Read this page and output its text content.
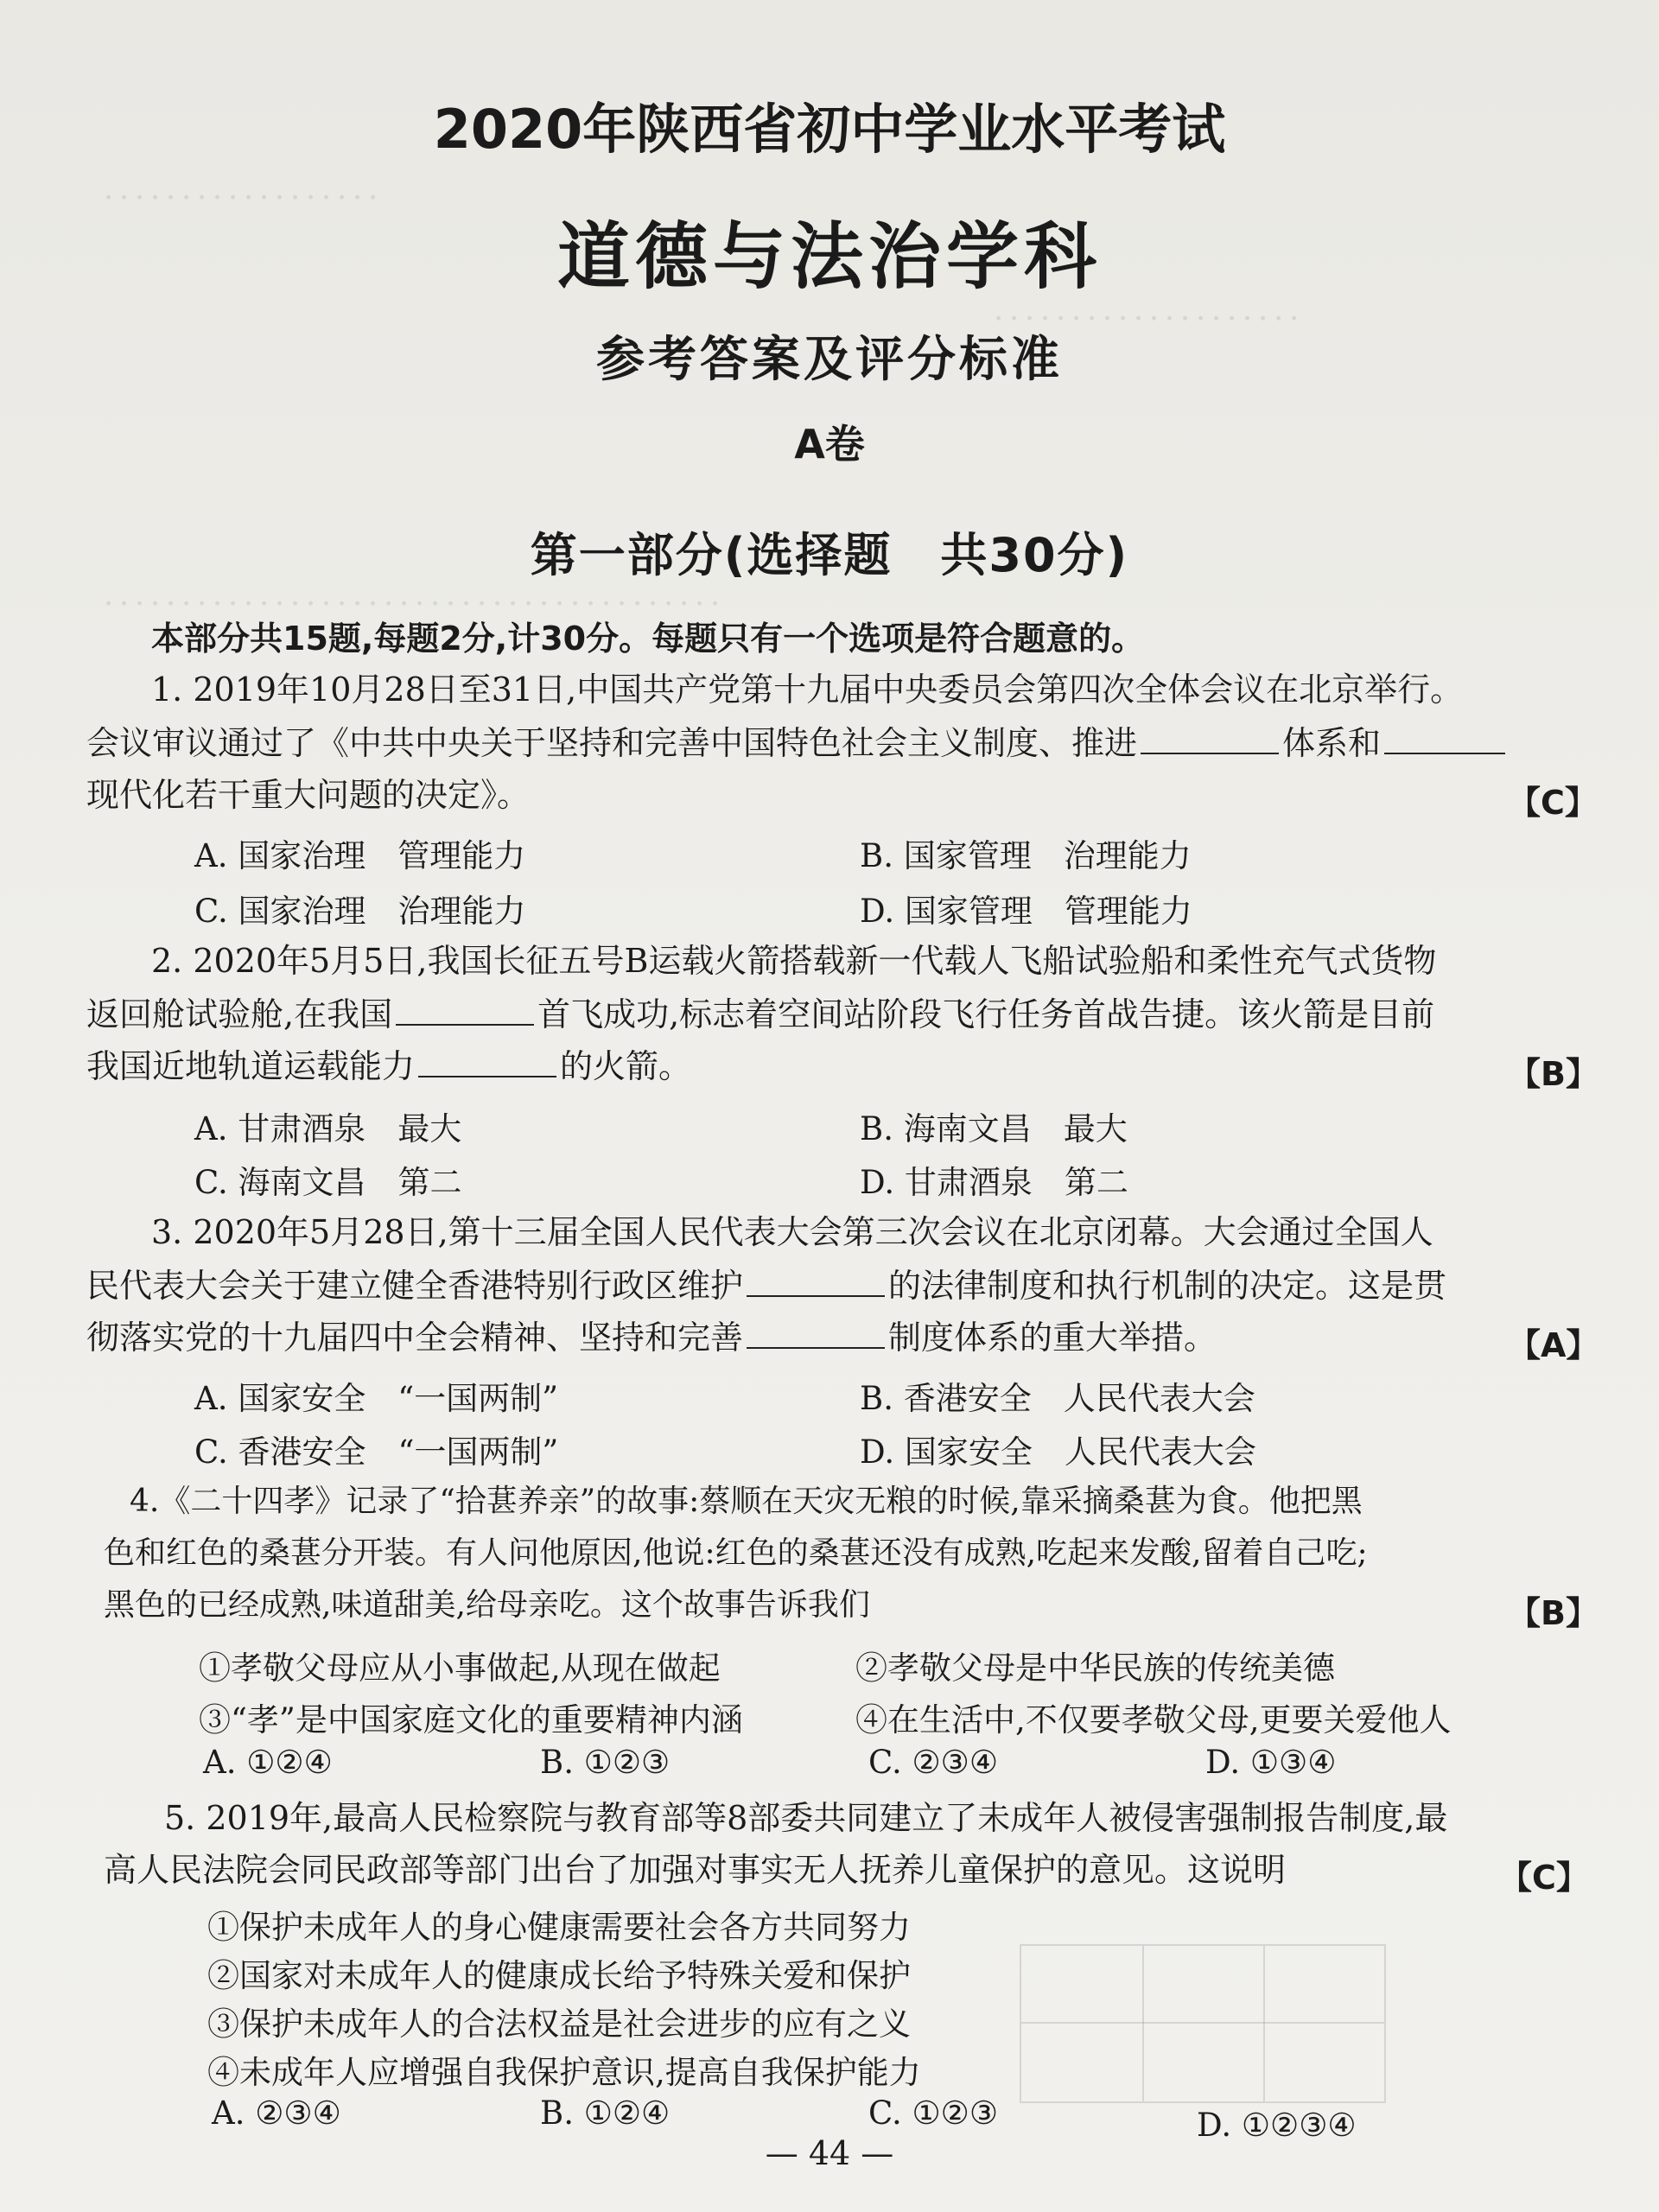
．．．．．．．．．．．．．．．．．．
．．．．．．．．．．．．．．．．．．．．
．．．．．．．．．．．．．．．．．．．．．．．．．．．．．．．．．．．．．．．．
2020年陕西省初中学业水平考试
道德与法治学科
参考答案及评分标准
A卷
第一部分(选择题　共30分)
本部分共15题,每题2分,计30分。每题只有一个选项是符合题意的。
1. 2019年10月28日至31日,中国共产党第十九届中央委员会第四次全体会议在北京举行。
会议审议通过了《中共中央关于坚持和完善中国特色社会主义制度、推进	体系和
现代化若干重大问题的决定》。	【C】
A. 国家治理　管理能力	B. 国家管理　治理能力
C. 国家治理　治理能力	D. 国家管理　管理能力
2. 2020年5月5日,我国长征五号B运载火箭搭载新一代载人飞船试验船和柔性充气式货物
返回舱试验舱,在我国	首飞成功,标志着空间站阶段飞行任务首战告捷。该火箭是目前
我国近地轨道运载能力	的火箭。	【B】
A. 甘肃酒泉　最大	B. 海南文昌　最大
C. 海南文昌　第二	D. 甘肃酒泉　第二
3. 2020年5月28日,第十三届全国人民代表大会第三次会议在北京闭幕。大会通过全国人
民代表大会关于建立健全香港特别行政区维护	的法律制度和执行机制的决定。这是贯
彻落实党的十九届四中全会精神、坚持和完善	制度体系的重大举措。	【A】
A. 国家安全　“一国两制”	B. 香港安全　人民代表大会
C. 香港安全　“一国两制”	D. 国家安全　人民代表大会
4.《二十四孝》记录了“拾葚养亲”的故事:蔡顺在天灾无粮的时候,靠采摘桑葚为食。他把黑
色和红色的桑葚分开装。有人问他原因,他说:红色的桑葚还没有成熟,吃起来发酸,留着自己吃;
黑色的已经成熟,味道甜美,给母亲吃。这个故事告诉我们	【B】
①孝敬父母应从小事做起,从现在做起	②孝敬父母是中华民族的传统美德
③“孝”是中国家庭文化的重要精神内涵	④在生活中,不仅要孝敬父母,更要关爱他人
A. ①②④	B. ①②③	C. ②③④	D. ①③④
5. 2019年,最高人民检察院与教育部等8部委共同建立了未成年人被侵害强制报告制度,最
高人民法院会同民政部等部门出台了加强对事实无人抚养儿童保护的意见。这说明	【C】
①保护未成年人的身心健康需要社会各方共同努力
②国家对未成年人的健康成长给予特殊关爱和保护
③保护未成年人的合法权益是社会进步的应有之义
④未成年人应增强自我保护意识,提高自我保护能力
A. ②③④	B. ①②④	C. ①②③	D. ①②③④
— 44 —
